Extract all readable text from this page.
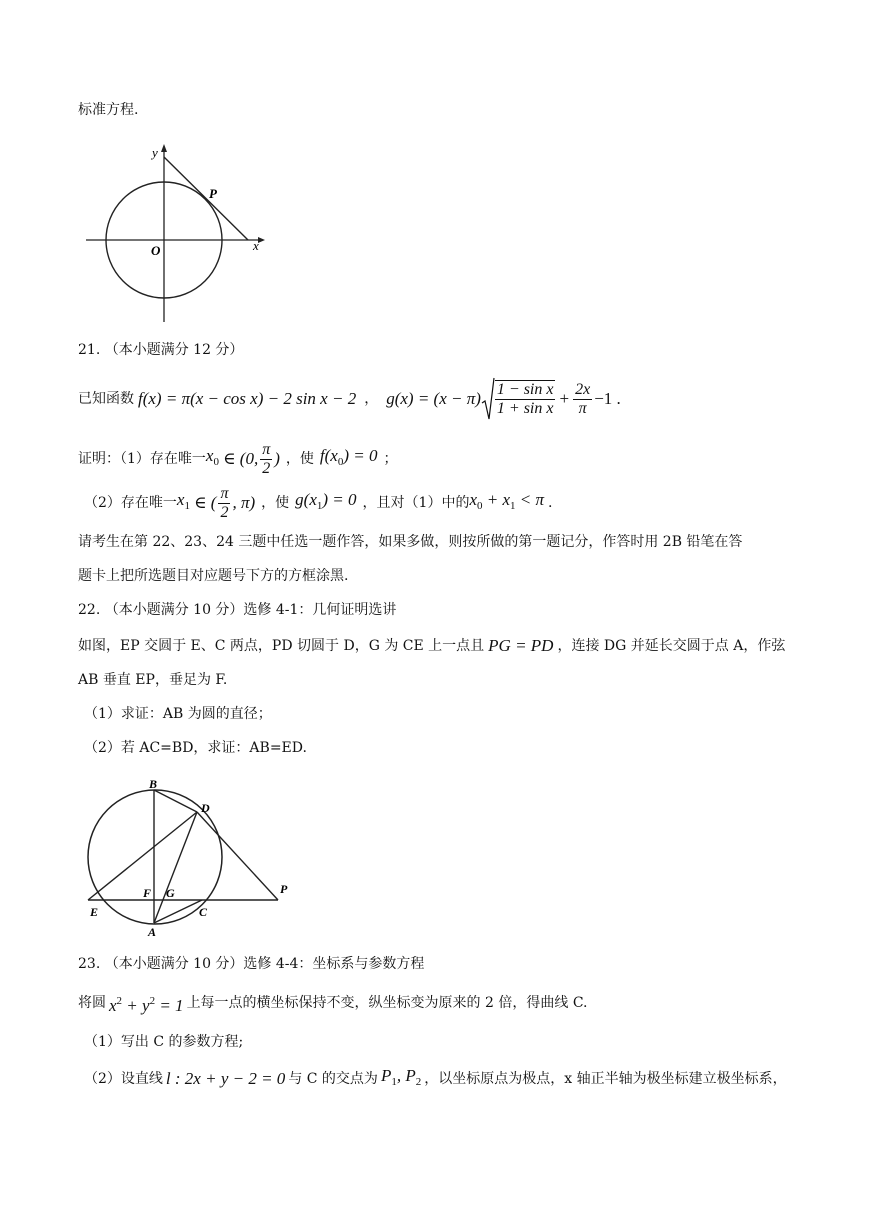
标准方程.
y
x
O
P
21. （本小题满分 12 分）
已知函数 f(x) = π(x − cos x) − 2 sin x − 2 ， $g(x) = (x - \pi) \frac{\text{1 − sin x}}{\text{1 + sin x}} + \frac{2x}{\pi} -1$ .
证明：（1）存在唯一 $x_0$ ∈ (0, $\frac{\pi}{2}$ ) ，使 $f(x_0) = 0$ ；
（2）存在唯一 $x_1$ ∈ ( $\frac{\pi}{2}$ , π) ，使 $g(x_1) = 0$ ，且对（1）中的 $x_0 + x_1 < \pi$ .
请考生在第 22、23、24 三题中任选一题作答，如果多做，则按所做的第一题记分，作答时用 2B 铅笔在答
题卡上把所选题目对应题号下方的方框涂黑.
22. （本小题满分 10 分）选修 4-1：几何证明选讲
如图，EP 交圆于 E、C 两点，PD 切圆于 D，G 为 CE 上一点且 PG = PD ，连接 DG 并延长交圆于点 A，作弦
AB 垂直 EP，垂足为 F.
（1）求证：AB 为圆的直径；
（2）若 AC=BD，求证：AB=ED.
B
D
E
F G
C
P
A
23. （本小题满分 10 分）选修 4-4：坐标系与参数方程
将圆 $x^2 + y^2 = 1$ 上每一点的横坐标保持不变，纵坐标变为原来的 2 倍，得曲线 C.
（1）写出 C 的参数方程;
（2）设直线 l : 2x + y − 2 = 0 与 C 的交点为 $P_1$, $P_2$ ，以坐标原点为极点，x 轴正半轴为极坐标建立极坐标系，
